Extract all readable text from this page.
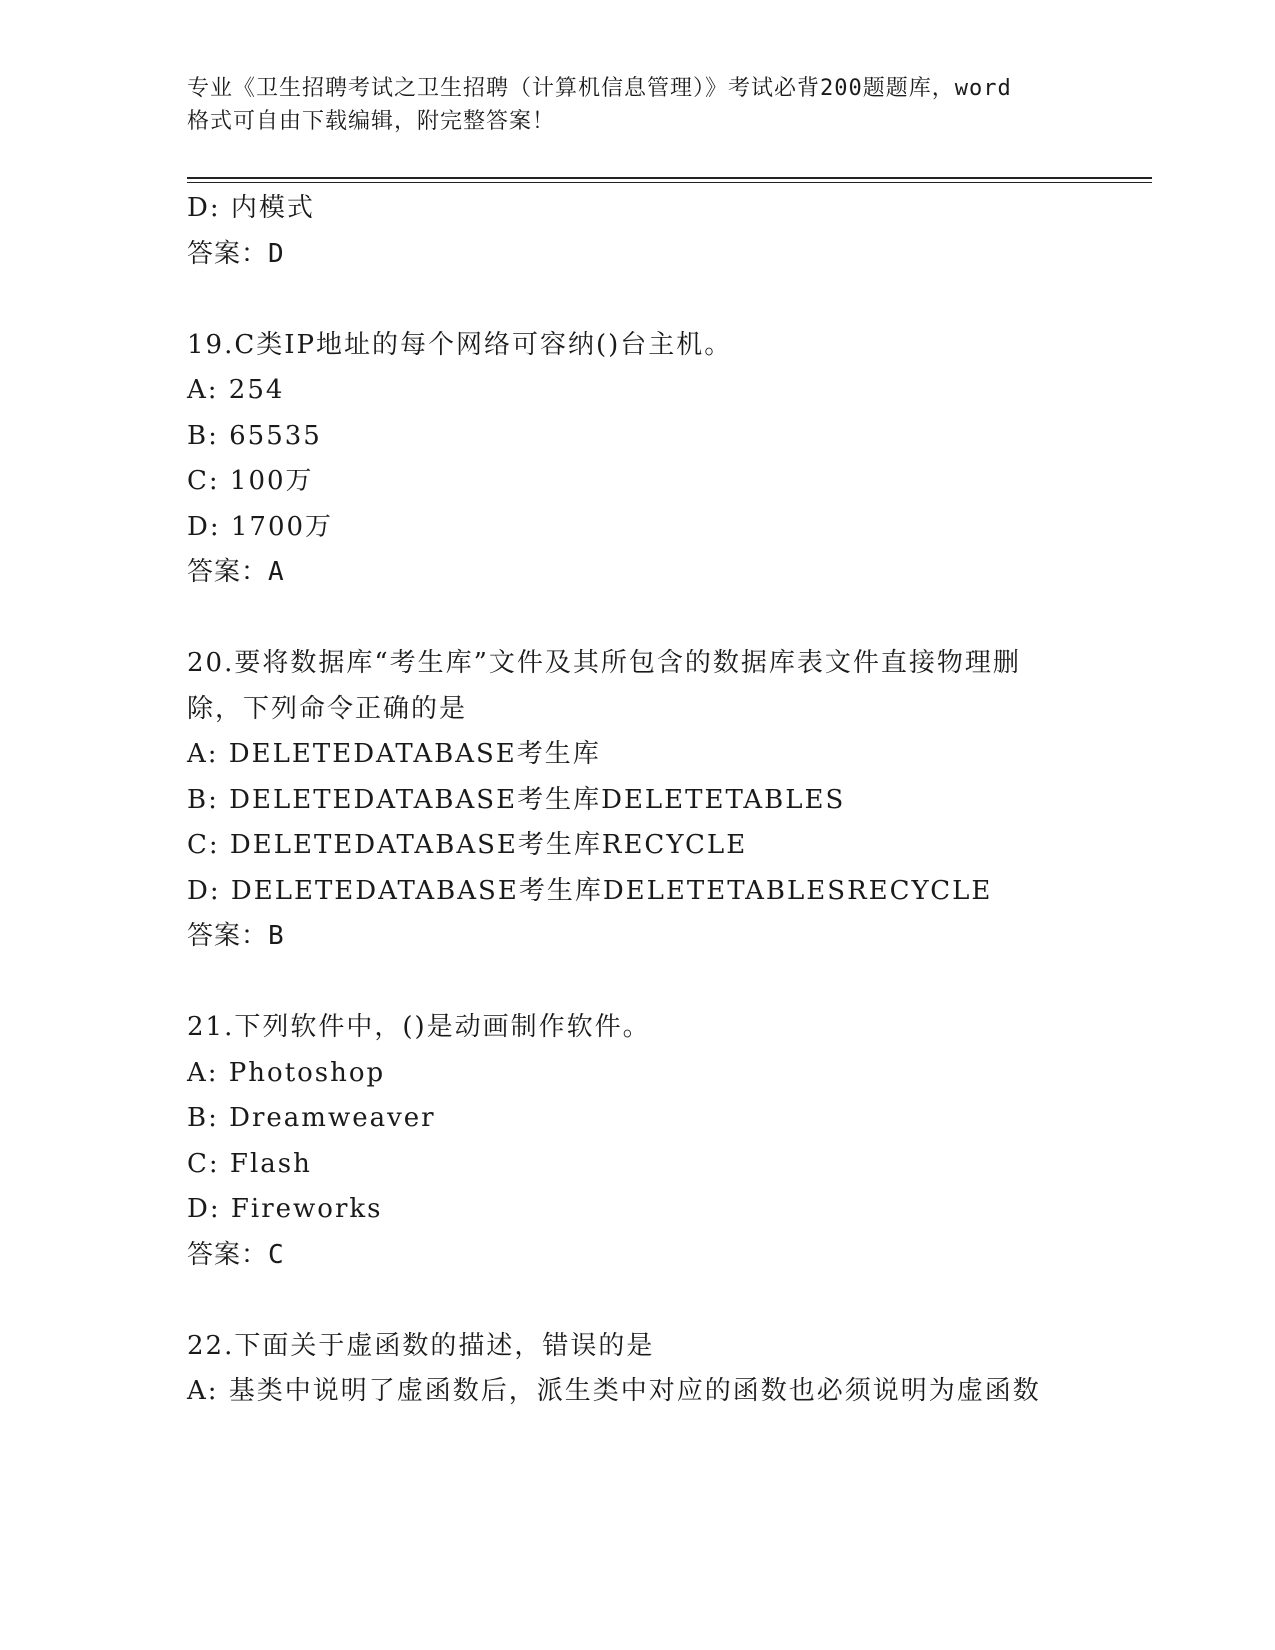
专业《卫生招聘考试之卫生招聘（计算机信息管理）》考试必背200题题库，word
格式可自由下载编辑，附完整答案！
D: 内模式
答案：D
19.C类IP地址的每个网络可容纳()台主机。
A: 254
B: 65535
C: 100万
D: 1700万
答案：A
20.要将数据库“考生库”文件及其所包含的数据库表文件直接物理删
除，下列命令正确的是
A: DELETEDATABASE考生库
B: DELETEDATABASE考生库DELETETABLES
C: DELETEDATABASE考生库RECYCLE
D: DELETEDATABASE考生库DELETETABLESRECYCLE
答案：B
21.下列软件中，()是动画制作软件。
A: Photoshop
B: Dreamweaver
C: Flash
D: Fireworks
答案：C
22.下面关于虚函数的描述，错误的是
A: 基类中说明了虚函数后，派生类中对应的函数也必须说明为虚函数
